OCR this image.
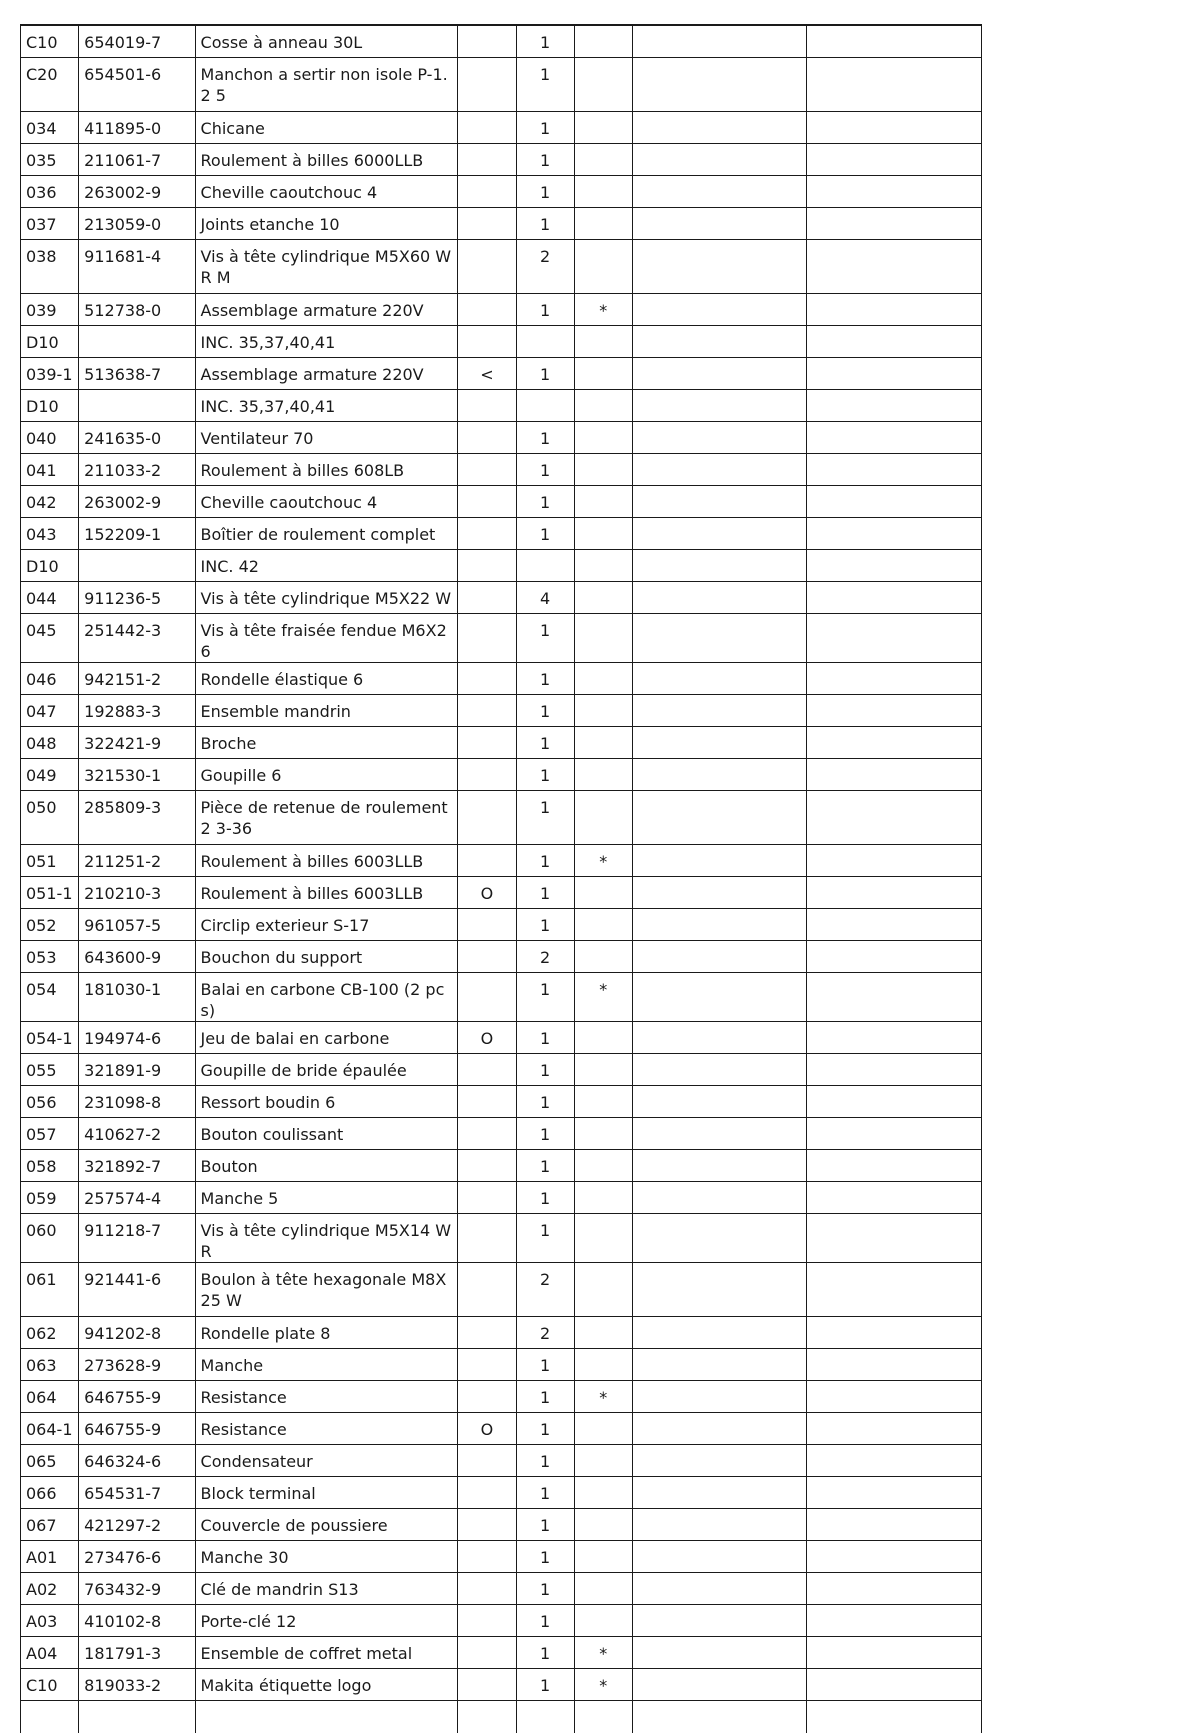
C10	654019-7	Cosse à anneau 30L		1			
C20	654501-6	Manchon a sertir non isole P-1.2 5		1			
034	411895-0	Chicane		1			
035	211061-7	Roulement à billes 6000LLB		1			
036	263002-9	Cheville caoutchouc 4		1			
037	213059-0	Joints etanche 10		1			
038	911681-4	Vis à tête cylindrique M5X60 WR M		2			
039	512738-0	Assemblage armature 220V		1	*		
D10		INC. 35,37,40,41					
039-1	513638-7	Assemblage armature 220V	<	1			
D10		INC. 35,37,40,41					
040	241635-0	Ventilateur 70		1			
041	211033-2	Roulement à billes 608LB		1			
042	263002-9	Cheville caoutchouc 4		1			
043	152209-1	Boîtier de roulement complet		1			
D10		INC. 42					
044	911236-5	Vis à tête cylindrique M5X22 W		4			
045	251442-3	Vis à tête fraisée fendue M6X26		1			
046	942151-2	Rondelle élastique 6		1			
047	192883-3	Ensemble mandrin		1			
048	322421-9	Broche		1			
049	321530-1	Goupille 6		1			
050	285809-3	Pièce de retenue de roulement 2 3-36		1			
051	211251-2	Roulement à billes 6003LLB		1	*		
051-1	210210-3	Roulement à billes 6003LLB	O	1			
052	961057-5	Circlip exterieur S-17		1			
053	643600-9	Bouchon du support		2			
054	181030-1	Balai en carbone CB-100 (2 pcs)		1	*		
054-1	194974-6	Jeu de balai en carbone	O	1			
055	321891-9	Goupille de bride épaulée		1			
056	231098-8	Ressort boudin 6		1			
057	410627-2	Bouton coulissant		1			
058	321892-7	Bouton		1			
059	257574-4	Manche 5		1			
060	911218-7	Vis à tête cylindrique M5X14 WR		1			
061	921441-6	Boulon à tête hexagonale M8X25 W		2			
062	941202-8	Rondelle plate 8		2			
063	273628-9	Manche		1			
064	646755-9	Resistance		1	*		
064-1	646755-9	Resistance	O	1			
065	646324-6	Condensateur		1			
066	654531-7	Block terminal		1			
067	421297-2	Couvercle de poussiere		1			
A01	273476-6	Manche 30		1			
A02	763432-9	Clé de mandrin S13		1			
A03	410102-8	Porte-clé 12		1			
A04	181791-3	Ensemble de coffret metal		1	*		
C10	819033-2	Makita étiquette logo		1	*		
